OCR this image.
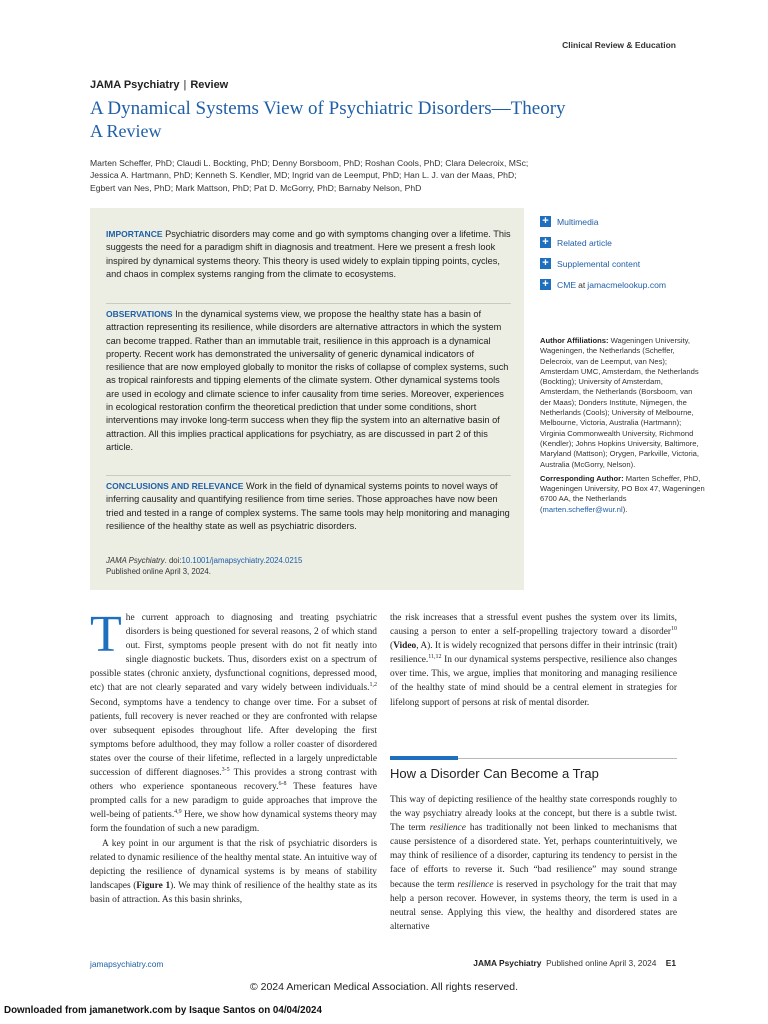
Clinical Review & Education
JAMA Psychiatry | Review
A Dynamical Systems View of Psychiatric Disorders—Theory
A Review
Marten Scheffer, PhD; Claudi L. Bockting, PhD; Denny Borsboom, PhD; Roshan Cools, PhD; Clara Delecroix, MSc;
Jessica A. Hartmann, PhD; Kenneth S. Kendler, MD; Ingrid van de Leemput, PhD; Han L. J. van der Maas, PhD;
Egbert van Nes, PhD; Mark Mattson, PhD; Pat D. McGorry, PhD; Barnaby Nelson, PhD
IMPORTANCE Psychiatric disorders may come and go with symptoms changing over a lifetime. This suggests the need for a paradigm shift in diagnosis and treatment. Here we present a fresh look inspired by dynamical systems theory. This theory is used widely to explain tipping points, cycles, and chaos in complex systems ranging from the climate to ecosystems.
OBSERVATIONS In the dynamical systems view, we propose the healthy state has a basin of attraction representing its resilience, while disorders are alternative attractors in which the system can become trapped. Rather than an immutable trait, resilience in this approach is a dynamical property. Recent work has demonstrated the universality of generic dynamical indicators of resilience that are now employed globally to monitor the risks of collapse of complex systems, such as tropical rainforests and tipping elements of the climate system. Other dynamical systems tools are used in ecology and climate science to infer causality from time series. Moreover, experiences in ecological restoration confirm the theoretical prediction that under some conditions, short interventions may invoke long-term success when they flip the system into an alternative basin of attraction. All this implies practical applications for psychiatry, as are discussed in part 2 of this article.
CONCLUSIONS AND RELEVANCE Work in the field of dynamical systems points to novel ways of inferring causality and quantifying resilience from time series. Those approaches have now been tried and tested in a range of complex systems. The same tools may help monitoring and managing resilience of the healthy state as well as psychiatric disorders.
JAMA Psychiatry. doi:10.1001/jamapsychiatry.2024.0215
Published online April 3, 2024.
+ Multimedia
+ Related article
+ Supplemental content
+ CME at jamacmelookup.com
Author Affiliations: Wageningen University, Wageningen, the Netherlands (Scheffer, Delecroix, van de Leemput, van Nes); Amsterdam UMC, Amsterdam, the Netherlands (Bockting); University of Amsterdam, Amsterdam, the Netherlands (Borsboom, van der Maas); Donders Institute, Nijmegen, the Netherlands (Cools); University of Melbourne, Melbourne, Victoria, Australia (Hartmann); Virginia Commonwealth University, Richmond (Kendler); Johns Hopkins University, Baltimore, Maryland (Mattson); Orygen, Parkville, Victoria, Australia (McGorry, Nelson).
Corresponding Author: Marten Scheffer, PhD, Wageningen University, PO Box 47, Wageningen 6700 AA, the Netherlands (marten.scheffer@wur.nl).
The current approach to diagnosing and treating psychiatric disorders is being questioned for several reasons, 2 of which stand out. First, symptoms people present with do not fit neatly into single diagnostic buckets. Thus, disorders exist on a spectrum of possible states (chronic anxiety, dysfunctional cognitions, depressed mood, etc) that are not clearly separated and vary widely between individuals.$^{1,2}$ Second, symptoms have a tendency to change over time. For a subset of patients, full recovery is never reached or they are confronted with relapse over subsequent episodes throughout life. After developing the first symptoms before adulthood, they may follow a roller coaster of disordered states over the course of their lifetime, reflected in a largely unpredictable succession of different diagnoses.$^{3-5}$ This provides a strong contrast with others who experience spontaneous recovery.$^{6-8}$ These features have prompted calls for a new paradigm to guide approaches that improve the well-being of patients.$^{4,9}$ Here, we show how dynamical systems theory may form the foundation of such a new paradigm.
A key point in our argument is that the risk of psychiatric disorders is related to dynamic resilience of the healthy mental state. An intuitive way of depicting the resilience of dynamical systems is by means of stability landscapes (Figure 1). We may think of resilience of the healthy state as its basin of attraction. As this basin shrinks,
the risk increases that a stressful event pushes the system over its limits, causing a person to enter a self-propelling trajectory toward a disorder$^{10}$ (Video, A). It is widely recognized that persons differ in their intrinsic (trait) resilience.$^{11,12}$ In our dynamical systems perspective, resilience also changes over time. This, we argue, implies that monitoring and managing resilience of the healthy state of mind should be a central element in strategies for lifelong support of persons at risk of mental disorder.
How a Disorder Can Become a Trap
This way of depicting resilience of the healthy state corresponds roughly to the way psychiatry already looks at the concept, but there is a subtle twist. The term resilience has traditionally not been linked to mechanisms that cause persistence of a disordered state. Yet, perhaps counterintuitively, we may think of resilience of a disorder, capturing its tendency to persist in the face of efforts to reverse it. Such “bad resilience” may sound strange because the term resilience is reserved in psychology for the trait that may help a person recover. However, in systems theory, the term is used in a neutral sense. Applying this view, the healthy and disordered states are alternative
jamapsychiatry.com	JAMA Psychiatry Published online April 3, 2024 E1
© 2024 American Medical Association. All rights reserved.
Downloaded from jamanetwork.com by Isaque Santos on 04/04/2024
